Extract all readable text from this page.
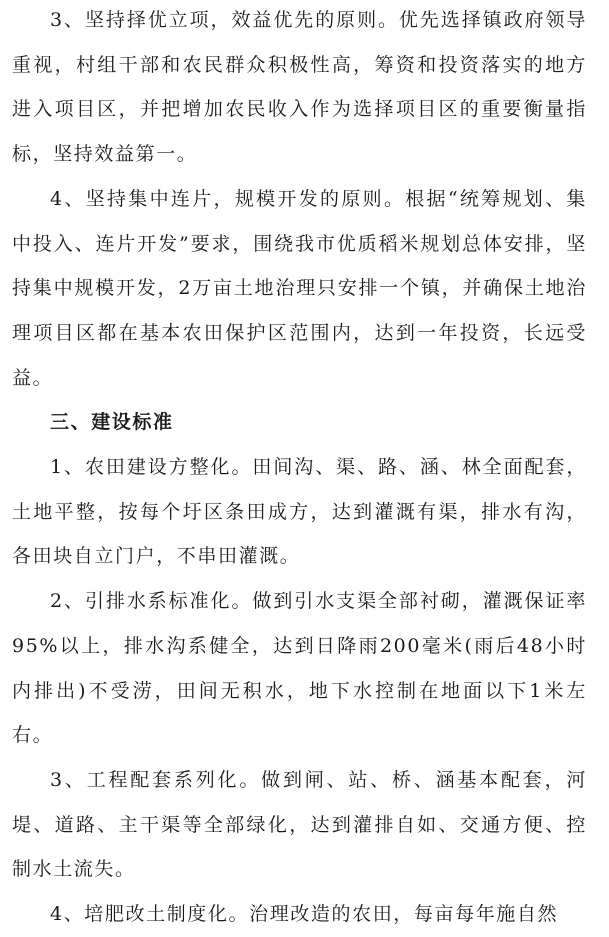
3、坚持择优立项，效益优先的原则。优先选择镇政府领导重视，村组干部和农民群众积极性高，筹资和投资落实的地方进入项目区，并把增加农民收入作为选择项目区的重要衡量指标，坚持效益第一。

4、坚持集中连片，规模开发的原则。根据“统筹规划、集中投入、连片开发”要求，围绕我市优质稻米规划总体安排，坚持集中规模开发，2万亩土地治理只安排一个镇，并确保土地治理项目区都在基本农田保护区范围内，达到一年投资，长远受益。

三、建设标准

1、农田建设方整化。田间沟、渠、路、涵、林全面配套，土地平整，按每个圩区条田成方，达到灌溉有渠，排水有沟，各田块自立门户，不串田灌溉。

2、引排水系标准化。做到引水支渠全部衬砌，灌溉保证率95%以上，排水沟系健全，达到日降雨200毫米(雨后48小时内排出)不受涝，田间无积水，地下水控制在地面以下1米左右。

3、工程配套系列化。做到闸、站、桥、涵基本配套，河堤、道路、主干渠等全部绿化，达到灌排自如、交通方便、控制水土流失。

4、培肥改土制度化。治理改造的农田，每亩每年施自然
